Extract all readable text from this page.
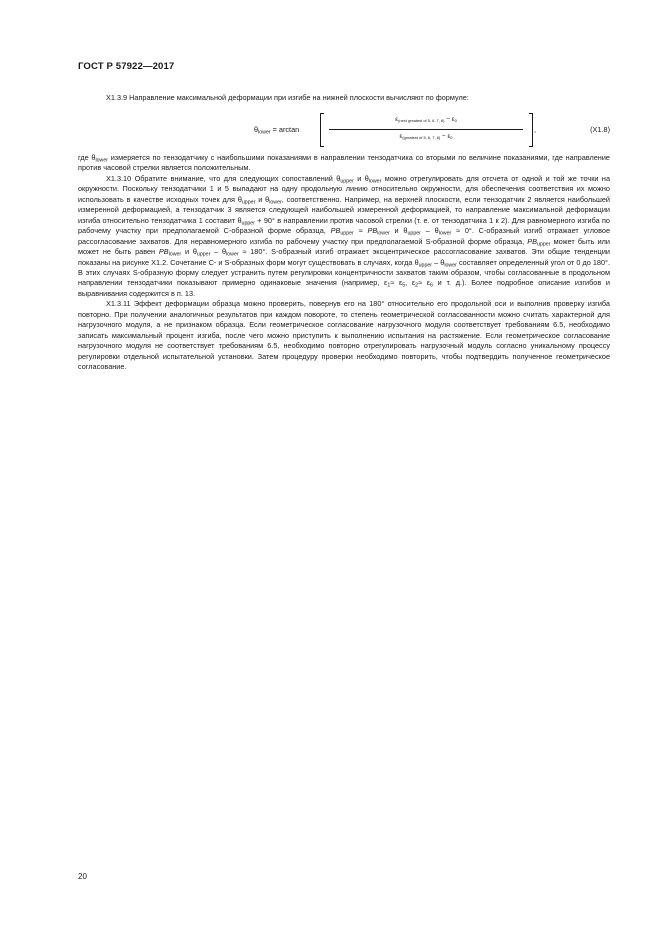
ГОСТ Р 57922—2017

X1.3.9 Направление максимальной деформации при изгибе на нижней плоскости вычисляют по формуле:

$\theta_{lower} = \arctan$
$\varepsilon_{(next greatest of 5, 6, 7, 8)} - \varepsilon_0$
$\varepsilon_{(greatest of 5, 6, 7, 8)} - \varepsilon_0$
,	(X1.8)

где $\theta_{lower}$ измеряется по тензодатчику с наибольшими показаниями в направлении тензодатчика со вторыми по величине показаниями, где направление против часовой стрелки является положительным.

X1.3.10 Обратите внимание, что для следующих сопоставлений $\theta_{upper}$ и $\theta_{lower}$ можно отрегулировать для отсчета от одной и той же точки на окружности. Поскольку тензодатчики 1 и 5 выпадают на одну продольную линию относительно окружности, для обеспечения соответствия их можно использовать в качестве исходных точек для $\theta_{upper}$ и $\theta_{lower}$, соответственно. Например, на верхней плоскости, если тензодатчик 2 является наибольшей измеренной деформацией, а тензодатчик 3 является следующей наибольшей измеренной деформацией, то направление максимальной деформации изгиба относительно тензодатчика 1 составит $\theta_{upper} + 90^\circ$ в направлении против часовой стрелки (т. е. от тензодатчика 1 к 2). Для равномерного изгиба по рабочему участку при предполагаемой C-образной форме образца, $PB_{upper} \approx PB_{lower}$ и $\theta_{upper} - \theta_{lower} \approx 0^\circ$. C-образный изгиб отражает угловое рассогласование захватов. Для неравномерного изгиба по рабочему участку при предполагаемой S-образной форме образца, $PB_{upper}$ может быть или может не быть равен $PB_{lower}$ и $\theta_{upper} - \theta_{lower} \approx 180^\circ$. S-образный изгиб отражает эксцентрическое рассогласование захватов. Эти общие тенденции показаны на рисунке X1.2. Сочетание C- и S-образных форм могут существовать в случаях, когда $\theta_{upper} - \theta_{lower}$ составляет определенный угол от 0 до 180°. В этих случаях S-образную форму следует устранить путем регулировки концентричности захватов таким образом, чтобы согласованные в продольном направлении тензодатчики показывают примерно одинаковые значения (например, $\varepsilon_1\approx \varepsilon_5$, $\varepsilon_2\approx \varepsilon_6$ и т. д.). Более подробное описание изгибов и выравнивания содержится в п. 13.

X1.3.11 Эффект деформации образца можно проверить, повернув его на 180° относительно его продольной оси и выполнив проверку изгиба повторно. При получении аналогичных результатов при каждом повороте, то степень геометрической согласованности можно считать характерной для нагрузочного модуля, а не признаком образца. Если геометрическое согласование нагрузочного модуля соответствует требованиям 6.5, необходимо записать максимальный процент изгиба, после чего можно приступить к выполнению испытания на растяжение. Если геометрическое согласование нагрузочного модуля не соответствует требованиям 6.5, необходимо повторно отрегулировать нагрузочный модуль согласно уникальному процессу регулировки отдельной испытательной установки. Затем процедуру проверки необходимо повторить, чтобы подтвердить полученное геометрическое согласование.

20
